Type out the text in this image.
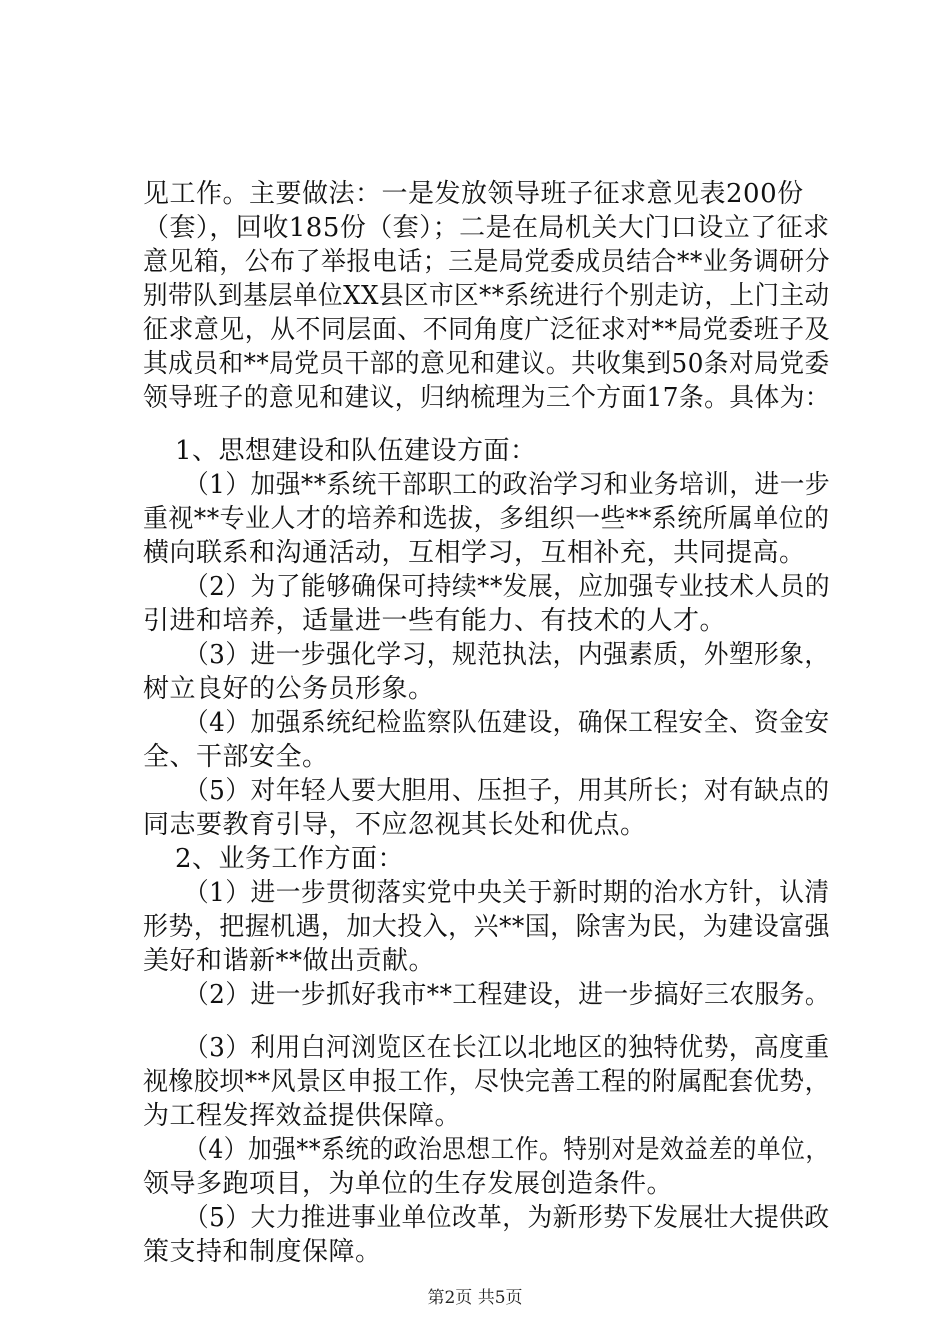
见工作。主要做法：一是发放领导班子征求意见表200份
（套），回收185份（套）；二是在局机关大门口设立了征求
意见箱，公布了举报电话；三是局党委成员结合**业务调研分
别带队到基层单位XX县区市区**系统进行个别走访，上门主动
征求意见，从不同层面、不同角度广泛征求对**局党委班子及
其成员和**局党员干部的意见和建议。共收集到50条对局党委
领导班子的意见和建议，归纳梳理为三个方面17条。具体为：
1、思想建设和队伍建设方面：
（1）加强**系统干部职工的政治学习和业务培训，进一步
重视**专业人才的培养和选拔，多组织一些**系统所属单位的
横向联系和沟通活动，互相学习，互相补充，共同提高。
（2）为了能够确保可持续**发展，应加强专业技术人员的
引进和培养，适量进一些有能力、有技术的人才。
（3）进一步强化学习，规范执法，内强素质，外塑形象，
树立良好的公务员形象。
（4）加强系统纪检监察队伍建设，确保工程安全、资金安
全、干部安全。
（5）对年轻人要大胆用、压担子，用其所长；对有缺点的
同志要教育引导，不应忽视其长处和优点。
2、业务工作方面：
（1）进一步贯彻落实党中央关于新时期的治水方针，认清
形势，把握机遇，加大投入，兴**国，除害为民，为建设富强
美好和谐新**做出贡献。
（2）进一步抓好我市**工程建设，进一步搞好三农服务。
（3）利用白河浏览区在长江以北地区的独特优势，高度重
视橡胶坝**风景区申报工作，尽快完善工程的附属配套优势，
为工程发挥效益提供保障。
（4）加强**系统的政治思想工作。特别对是效益差的单位，
领导多跑项目，为单位的生存发展创造条件。
（5）大力推进事业单位改革，为新形势下发展壮大提供政
策支持和制度保障。
第2页 共5页
